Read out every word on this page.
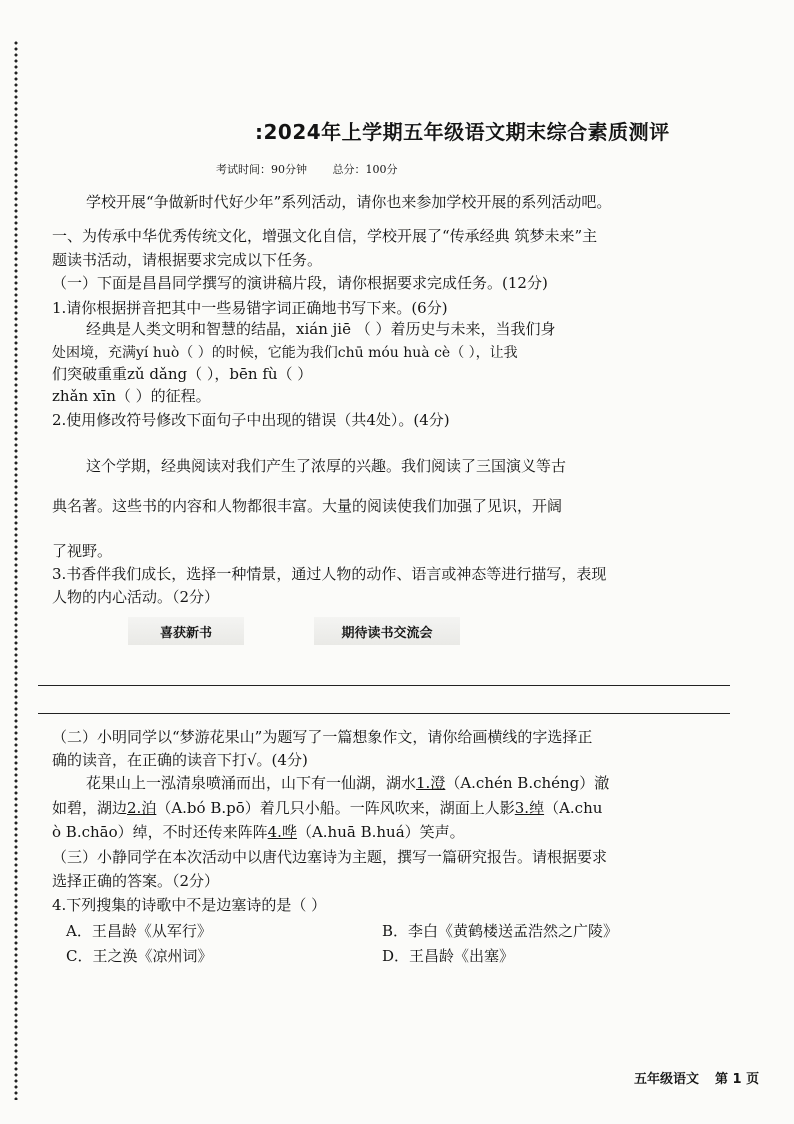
:2024年上学期五年级语文期末综合素质测评
考试时间：90分钟 总分：100分
学校开展“争做新时代好少年”系列活动，请你也来参加学校开展的系列活动吧。
一、为传承中华优秀传统文化，增强文化自信，学校开展了“传承经典 筑梦未来”主
题读书活动，请根据要求完成以下任务。
（一）下面是昌昌同学撰写的演讲稿片段，请你根据要求完成任务。(12分)
1.请你根据拼音把其中一些易错字词正确地书写下来。(6分)
经典是人类文明和智慧的结晶，xián jiē （ ）着历史与未来，当我们身
处困境，充满yí huò（ ）的时候，它能为我们chū móu huà cè（ ），让我
们突破重重zǔ dǎng（ ），bēn fù（ ）
zhǎn xīn（ ）的征程。
2.使用修改符号修改下面句子中出现的错误（共4处）。(4分)
这个学期，经典阅读对我们产生了浓厚的兴趣。我们阅读了三国演义等古
典名著。这些书的内容和人物都很丰富。大量的阅读使我们加强了见识，开阔
了视野。
3.书香伴我们成长，选择一种情景，通过人物的动作、语言或神态等进行描写，表现
人物的内心活动。（2分）
喜获新书	期待读书交流会
（二）小明同学以“梦游花果山”为题写了一篇想象作文，请你给画横线的字选择正
确的读音，在正确的读音下打√。(4分)
花果山上一泓清泉喷涌而出，山下有一仙湖，湖水1.澄（A.chén B.chéng）澈
如碧，湖边2.泊（A.bó B.pō）着几只小船。一阵风吹来，湖面上人影3.绰（A.chu
ò B.chāo）绰，不时还传来阵阵4.哗（A.huā B.huá）笑声。
（三）小静同学在本次活动中以唐代边塞诗为主题，撰写一篇研究报告。请根据要求
选择正确的答案。（2分）
4.下列搜集的诗歌中不是边塞诗的是（ ）
A．王昌龄《从军行》	B．李白《黄鹤楼送孟浩然之广陵》
C．王之涣《凉州词》	D．王昌龄《出塞》
五年级语文 第 1 页
